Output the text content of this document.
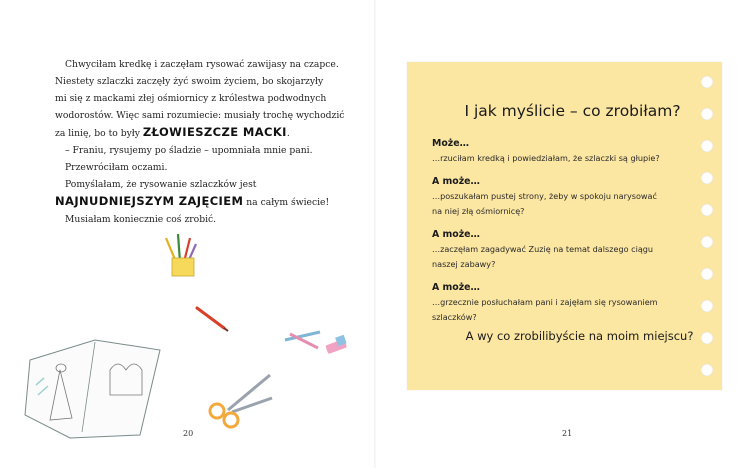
Chwyciłam kredkę i zaczęłam rysować zawijasy na czapce.

Niestety szlaczki zaczęły żyć swoim życiem, bo skojarzyły

mi się z mackami złej ośmiornicy z królestwa podwodnych

wodorostów. Więc sami rozumiecie: musiały trochę wychodzić

za linię, bo to były ZŁOWIESZCZE MACKI.

– Franiu, rysujemy po śladzie – upomniała mnie pani.

Przewróciłam oczami.

Pomyślałam, że rysowanie szlaczków jest

NAJNUDNIEJSZYM ZAJĘCIEM na całym świecie!

Musiałam koniecznie coś zrobić.

20
I jak myślicie – co zrobiłam?
Może…
…rzuciłam kredką i powiedziałam, że szlaczki są głupie?
A może…
…poszukałam pustej strony, żeby w spokoju narysować
na niej złą ośmiornicę?
A może…
…zaczęłam zagadywać Zuzię na temat dalszego ciągu
naszej zabawy?
A może…
…grzecznie posłuchałam pani i zajęłam się rysowaniem
szlaczków?
A wy co zrobilibyście na moim miejscu?
21
